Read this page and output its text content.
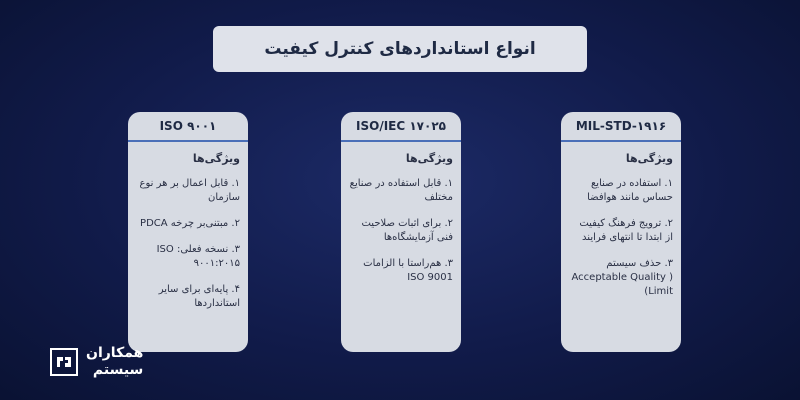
انواع استانداردهای کنترل کیفیت
ISO ۹۰۰۱
ویژگی‌ها
۱. قابل اعمال بر هر نوع سازمان
۲. مبتنی‌بر چرخه PDCA
۳. نسخه فعلی: ISO ۹۰۰۱:۲۰۱۵
۴. پایه‌ای برای سایر استانداردها
ISO/IEC ۱۷۰۲۵
ویژگی‌ها
۱. قابل استفاده در صنایع مختلف
۲. برای اثبات صلاحیت فنی آزمایشگاه‌ها
۳. هم‌راستا با الزامات ISO 9001
MIL-STD-۱۹۱۶
ویژگی‌ها
۱. استفاده در صنایع حساس مانند هوافضا
۲. ترویج فرهنگ کیفیت از ابتدا تا انتهای فرایند
۳. حذف سیستم Acceptable Quality ) (Limit
همکاران
سیستم
